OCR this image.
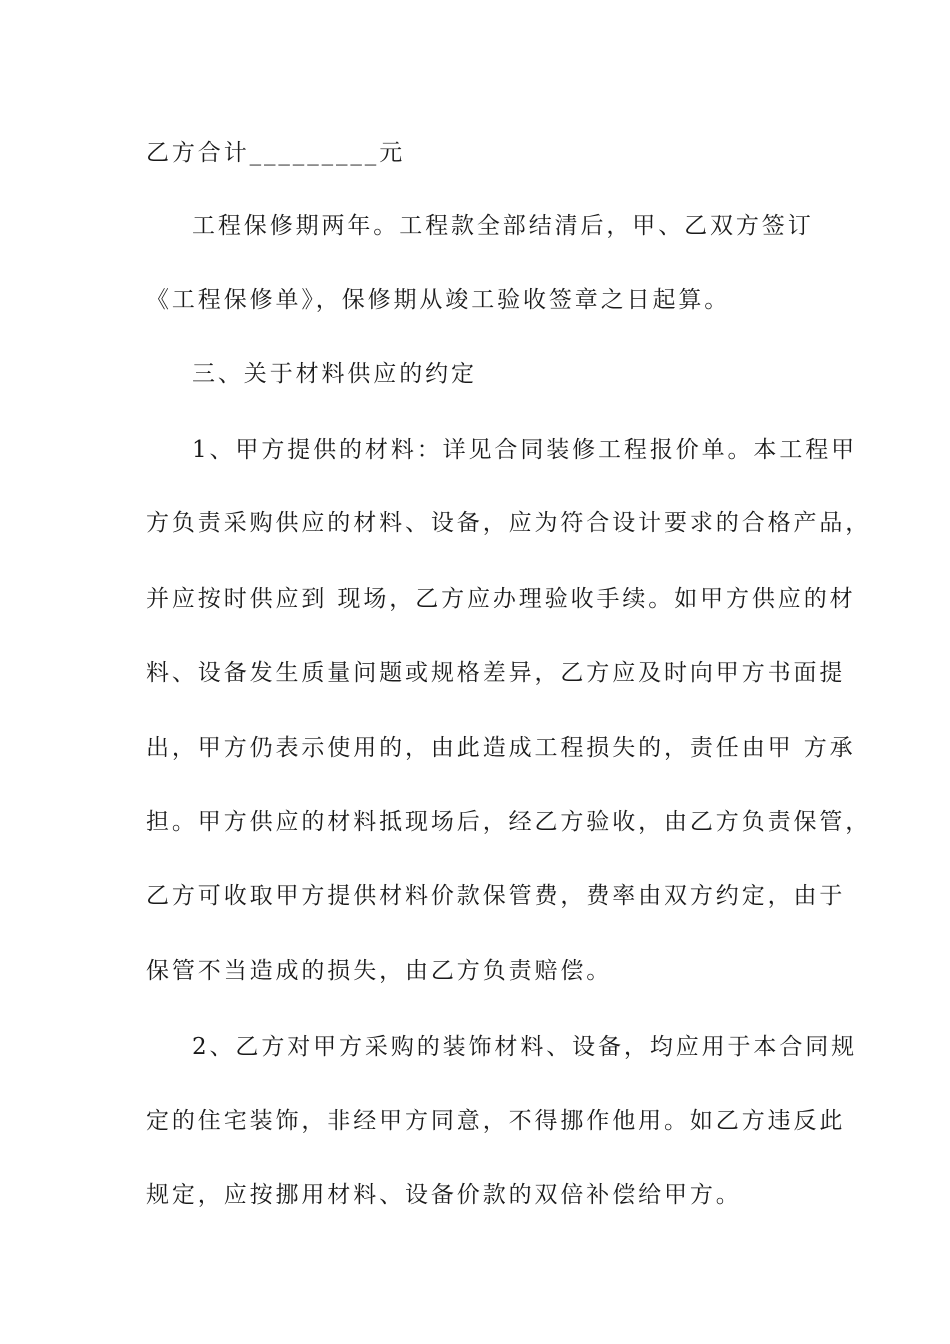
乙方合计_________元
工程保修期两年。工程款全部结清后，甲、乙双方签订
《工程保修单》，保修期从竣工验收签章之日起算。
三、关于材料供应的约定
1、甲方提供的材料：详见合同装修工程报价单。本工程甲
方负责采购供应的材料、设备，应为符合设计要求的合格产品，
并应按时供应到 现场，乙方应办理验收手续。如甲方供应的材
料、设备发生质量问题或规格差异，乙方应及时向甲方书面提
出，甲方仍表示使用的，由此造成工程损失的，责任由甲 方承
担。甲方供应的材料抵现场后，经乙方验收，由乙方负责保管，
乙方可收取甲方提供材料价款保管费，费率由双方约定，由于
保管不当造成的损失，由乙方负责赔偿。
2、乙方对甲方采购的装饰材料、设备，均应用于本合同规
定的住宅装饰，非经甲方同意，不得挪作他用。如乙方违反此
规定，应按挪用材料、设备价款的双倍补偿给甲方。
